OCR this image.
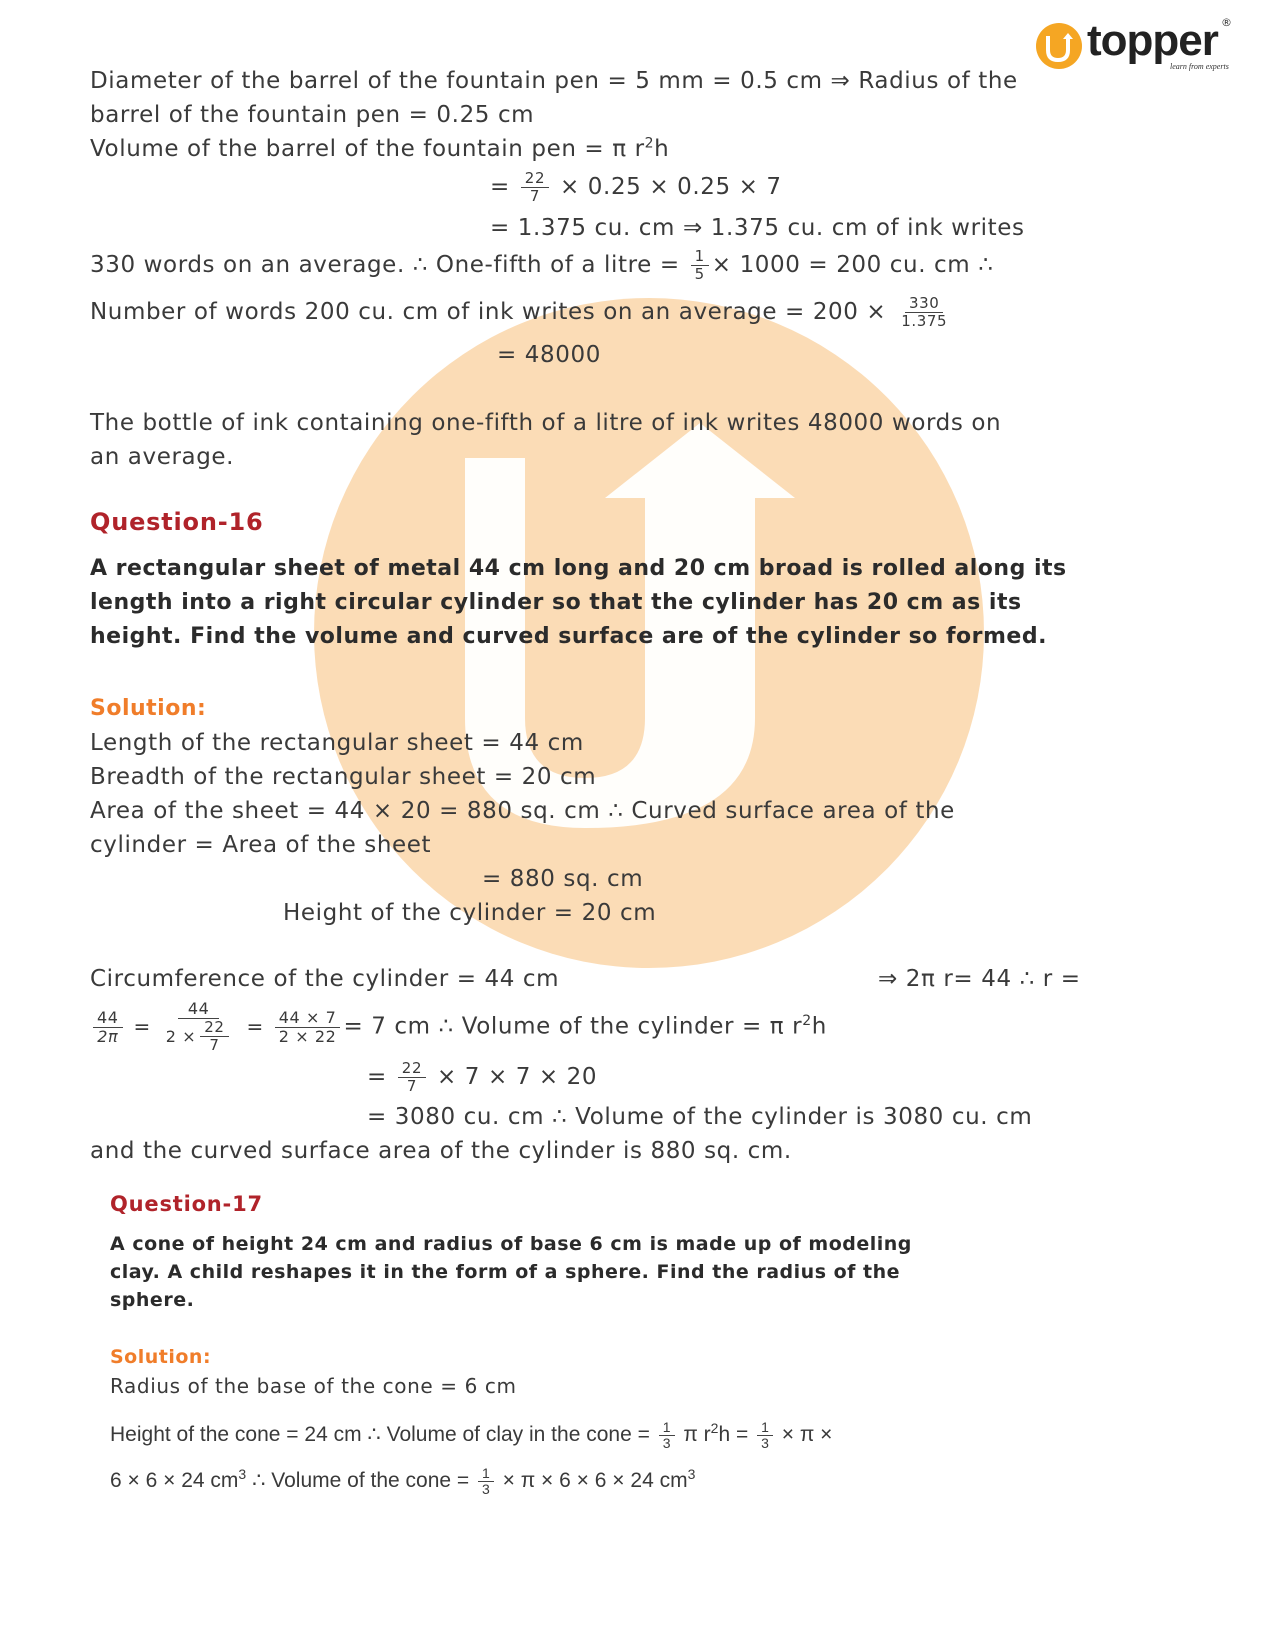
topper ®
learn from experts
Diameter of the barrel of the fountain pen = 5 mm = 0.5 cm ⇒ Radius of the
barrel of the fountain pen = 0.25 cm
Volume of the barrel of the fountain pen = π $r^2h$
= $\frac{22}{7} \times 0.25 \times 0.25 \times 7$
= 1.375 cu. cm ⇒ 1.375 cu. cm of ink writes
330 words on an average. ∴ One-fifth of a litre = $\frac{1}{5} \times 1000 = 200$ cu. cm ∴
Number of words 200 cu. cm of ink writes on an average = $200 \times \frac{330}{1.375}$
= 48000
The bottle of ink containing one-fifth of a litre of ink writes 48000 words on
an average.
Question-16
A rectangular sheet of metal 44 cm long and 20 cm broad is rolled along its
length into a right circular cylinder so that the cylinder has 20 cm as its
height. Find the volume and curved surface are of the cylinder so formed.
Solution:
Length of the rectangular sheet = 44 cm
Breadth of the rectangular sheet = 20 cm
Area of the sheet = 44 × 20 = 880 sq. cm ∴ Curved surface area of the
cylinder = Area of the sheet
= 880 sq. cm
Height of the cylinder = 20 cm
Circumference of the cylinder = 44 cm	⇒ 2π r= 44 ∴ r =
$\frac{44}{2\pi} = \frac{44}{2 \times \frac{22}{7}} = \frac{44 \times 7}{2 \times 22} = 7$ cm ∴ Volume of the cylinder = π $r^2h$
= $\frac{22}{7} \times 7 \times 7 \times 20$
= 3080 cu. cm ∴ Volume of the cylinder is 3080 cu. cm
and the curved surface area of the cylinder is 880 sq. cm.
Question-17
A cone of height 24 cm and radius of base 6 cm is made up of modeling
clay. A child reshapes it in the form of a sphere. Find the radius of the
sphere.
Solution:
Radius of the base of the cone = 6 cm
Height of the cone = 24 cm ∴ Volume of clay in the cone = $\frac{1}{3}$ π $r^2h = \frac{1}{3} \times \pi$ ×
6 × 6 × 24 $cm^3$ ∴ Volume of the cone = $\frac{1}{3} \times \pi \times 6 \times 6 \times 24$ $cm^3$
